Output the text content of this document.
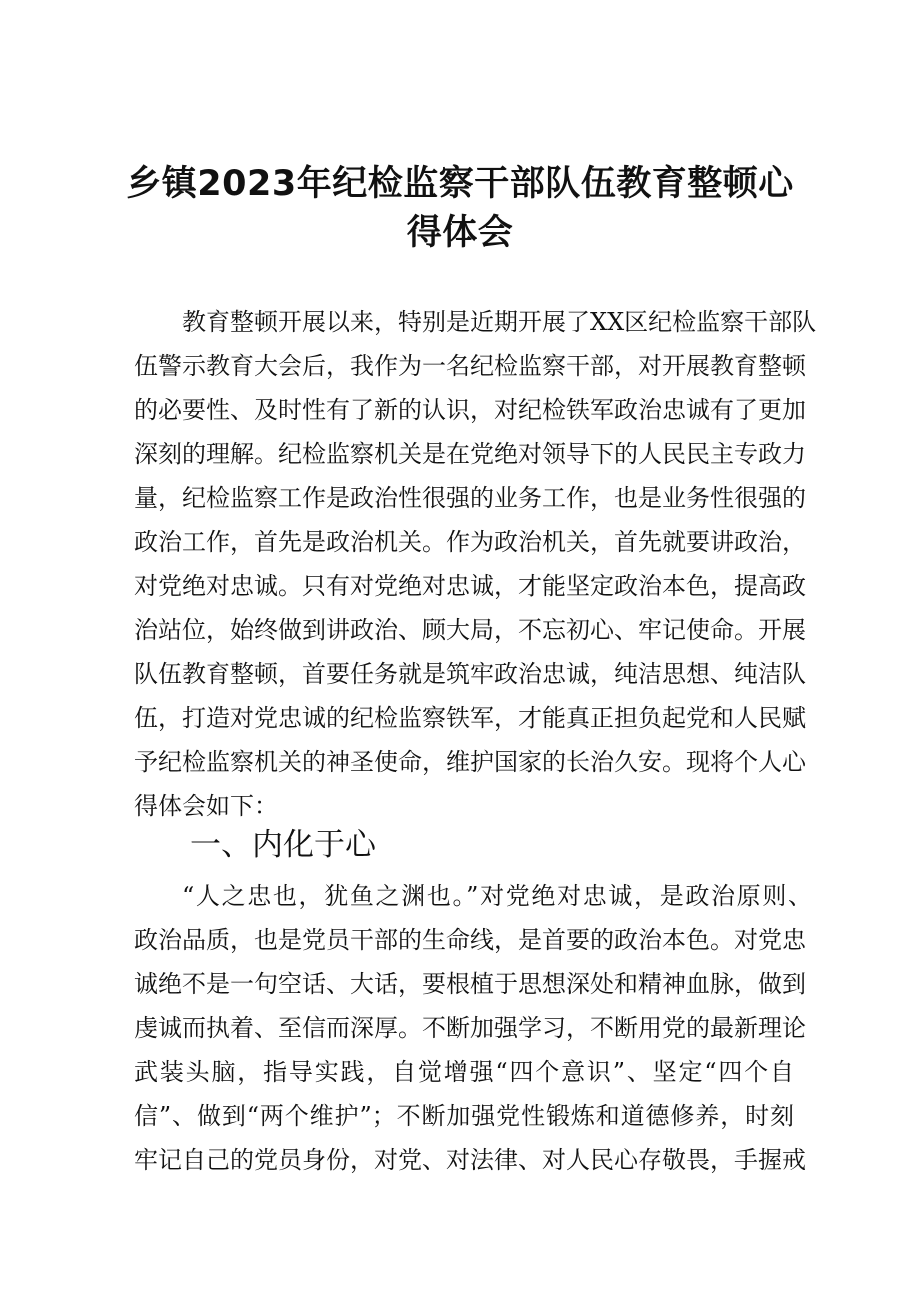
乡镇2023年纪检监察干部队伍教育整顿心
得体会
教育整顿开展以来，特别是近期开展了XX区纪检监察干部队
伍警示教育大会后，我作为一名纪检监察干部，对开展教育整顿
的必要性、及时性有了新的认识，对纪检铁军政治忠诚有了更加
深刻的理解。纪检监察机关是在党绝对领导下的人民民主专政力
量，纪检监察工作是政治性很强的业务工作，也是业务性很强的
政治工作，首先是政治机关。作为政治机关，首先就要讲政治，
对党绝对忠诚。只有对党绝对忠诚，才能坚定政治本色，提高政
治站位，始终做到讲政治、顾大局，不忘初心、牢记使命。开展
队伍教育整顿，首要任务就是筑牢政治忠诚，纯洁思想、纯洁队
伍，打造对党忠诚的纪检监察铁军，才能真正担负起党和人民赋
予纪检监察机关的神圣使命，维护国家的长治久安。现将个人心
得体会如下：
一、内化于心
“人之忠也，犹鱼之渊也。”对党绝对忠诚，是政治原则、
政治品质，也是党员干部的生命线，是首要的政治本色。对党忠
诚绝不是一句空话、大话，要根植于思想深处和精神血脉，做到
虔诚而执着、至信而深厚。不断加强学习，不断用党的最新理论
武装头脑，指导实践，自觉增强“四个意识”、坚定“四个自
信”、做到“两个维护”；不断加强党性锻炼和道德修养，时刻
牢记自己的党员身份，对党、对法律、对人民心存敬畏，手握戒
